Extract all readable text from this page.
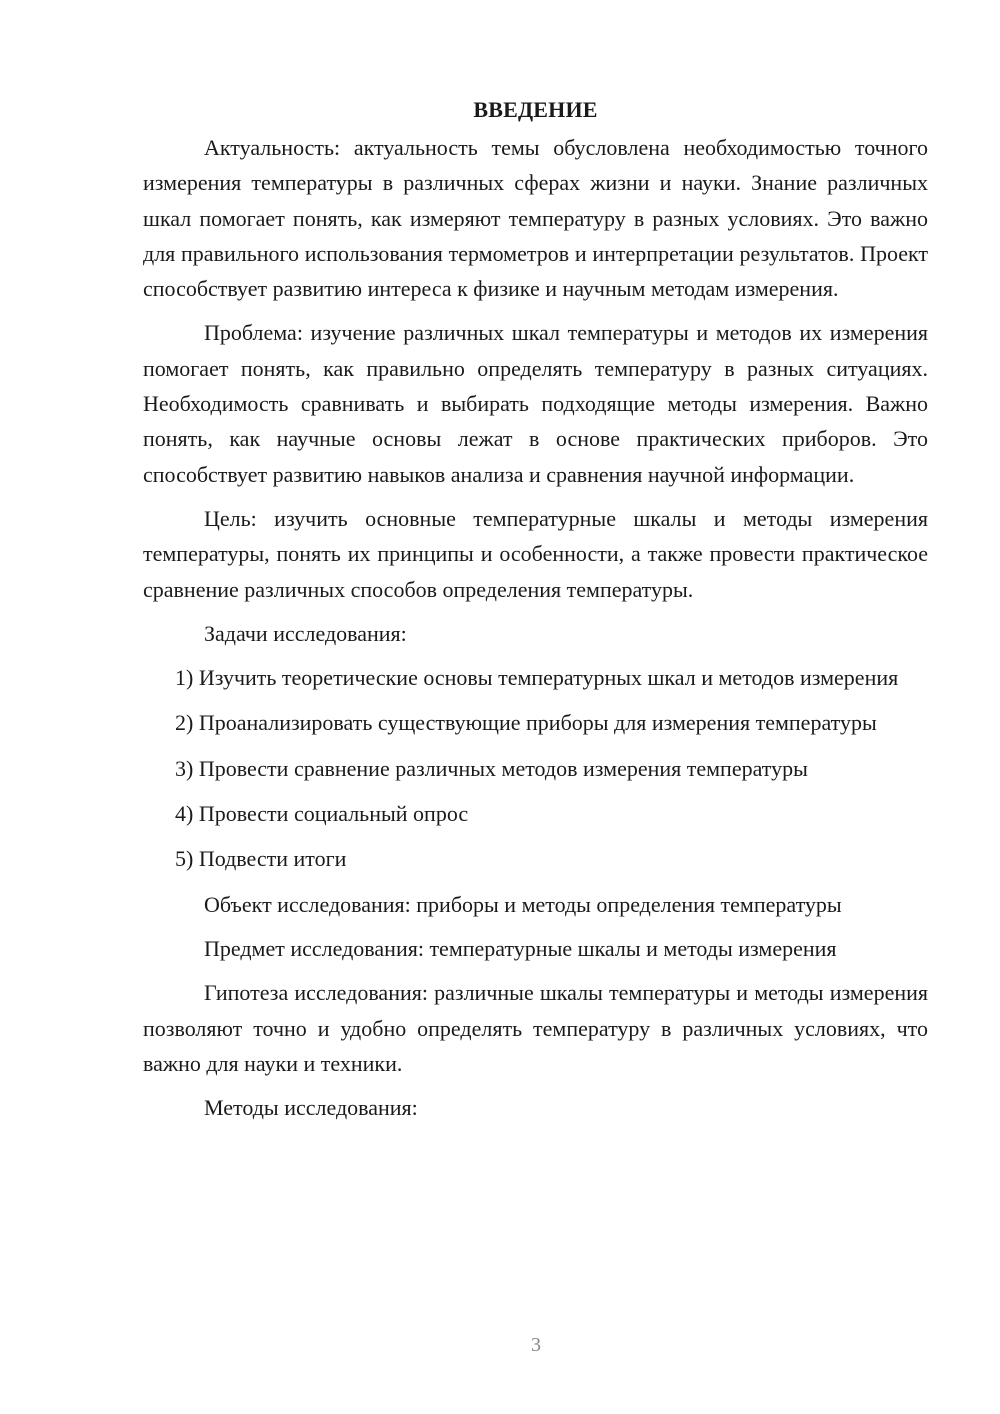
ВВЕДЕНИЕ

Актуальность: актуальность темы обусловлена необходимостью точного измерения температуры в различных сферах жизни и науки. Знание различных шкал помогает понять, как измеряют температуру в разных условиях. Это важно для правильного использования термометров и интерпретации результатов. Проект способствует развитию интереса к физике и научным методам измерения.

Проблема: изучение различных шкал температуры и методов их измерения помогает понять, как правильно определять температуру в разных ситуациях. Необходимость сравнивать и выбирать подходящие методы измерения. Важно понять, как научные основы лежат в основе практических приборов. Это способствует развитию навыков анализа и сравнения научной информации.

Цель: изучить основные температурные шкалы и методы измерения температуры, понять их принципы и особенности, а также провести практическое сравнение различных способов определения температуры.

Задачи исследования:

1) Изучить теоретические основы температурных шкал и методов измерения

2) Проанализировать существующие приборы для измерения температуры

3) Провести сравнение различных методов измерения температуры

4) Провести социальный опрос

5) Подвести итоги

Объект исследования: приборы и методы определения температуры

Предмет исследования: температурные шкалы и методы измерения

Гипотеза исследования: различные шкалы температуры и методы измерения позволяют точно и удобно определять температуру в различных условиях, что важно для науки и техники.

Методы исследования:

3
